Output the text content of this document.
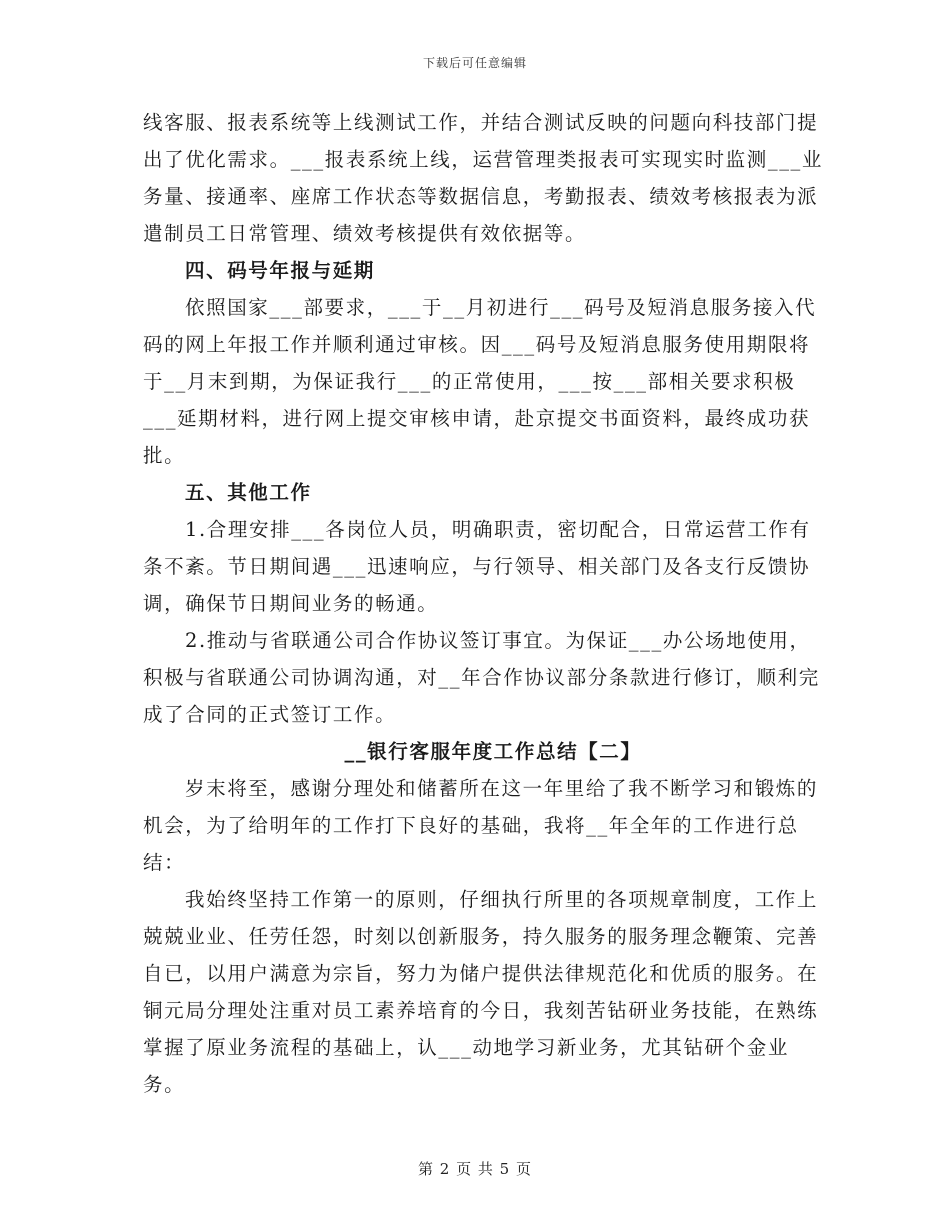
下载后可任意编辑

线客服、报表系统等上线测试工作，并结合测试反映的问题向科技部门提出了优化需求。___报表系统上线，运营管理类报表可实现实时监测___业务量、接通率、座席工作状态等数据信息，考勤报表、绩效考核报表为派遣制员工日常管理、绩效考核提供有效依据等。

四、码号年报与延期

依照国家___部要求，___于__月初进行___码号及短消息服务接入代码的网上年报工作并顺利通过审核。因___码号及短消息服务使用期限将于__月末到期，为保证我行___的正常使用，___按___部相关要求积极___延期材料，进行网上提交审核申请，赴京提交书面资料，最终成功获批。

五、其他工作

1.合理安排___各岗位人员，明确职责，密切配合，日常运营工作有条不紊。节日期间遇___迅速响应，与行领导、相关部门及各支行反馈协调，确保节日期间业务的畅通。

2.推动与省联通公司合作协议签订事宜。为保证___办公场地使用，积极与省联通公司协调沟通，对__年合作协议部分条款进行修订，顺利完成了合同的正式签订工作。

__银行客服年度工作总结【二】

岁末将至，感谢分理处和储蓄所在这一年里给了我不断学习和锻炼的机会，为了给明年的工作打下良好的基础，我将__年全年的工作进行总结：

我始终坚持工作第一的原则，仔细执行所里的各项规章制度，工作上兢兢业业、任劳任怨，时刻以创新服务，持久服务的服务理念鞭策、完善自已，以用户满意为宗旨，努力为储户提供法律规范化和优质的服务。在铜元局分理处注重对员工素养培育的今日，我刻苦钻研业务技能，在熟练掌握了原业务流程的基础上，认___动地学习新业务，尤其钻研个金业务。

第 2 页 共 5 页
